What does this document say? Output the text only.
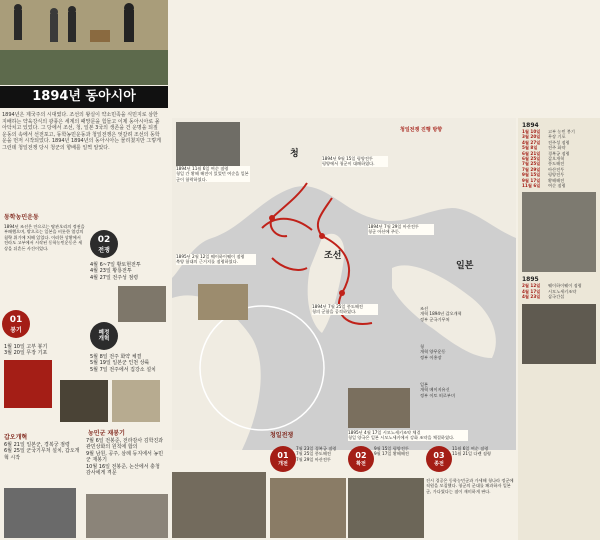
1894년 동아시아
1894년은 제국주의 시대였다. 조선의 왕실이 약소민족을 식민지로 삼한 지배하는 약육강식의 광풍은 세계의 패망문을 힘들고 이제 동아시아로 몰아닥치고 있었다. 그 당에서 조선, 청, 일본 3국의 생존을 건 운명을 되짚 운동의 속에서 선전포고, 동학농민운동과 청일전쟁은 엇갈려 조선의 동학운을 먼저 시작되었다. 1894년 1894년의 동아시아는 물리쳤지만 그렇게 그런데 청일전쟁 당시 청군의 향배를 일찍 알았다.
동학농민운동
1894년 조선은 안으로는 탐관오리의 정권을 부패했으며, 밖으로는 일본을 비롯한 열강의 침략 위기에 처해 있었다. 이러한 상황에서 전라도 고부에서 시작된 동학농민운동은 세상을 뒤흔든 사건이었다.
01
봉기
1월 10일 고부 봉기
3월 20일 무장 기포
02
전쟁
4월 6~7일 황토현전투
4월 23일 황룡전투
4월 27일 전주성 점령
폐정
개혁
5월 8일 전주 화약 체결
5월 19일 일본군 인천 상륙
5월 7일 전주에서 집강소 설치
갑오개혁
6월 21일 일본군, 경복궁 점령
6월 25일 군국기무처 설치, 갑오개혁 시작
농민군 재봉기
7월 6일 전봉준, 전라감사 김학진과 관민상화의 원칙에 합의
9월 남원, 공주, 삼례 등지에서 농민군 재봉기
10월 16일 전봉준, 논산에서 충청감사에게 격문
청일전쟁 진행 방향
청
조선
일본
1894년 11월 6일 여순 점령
청일 간 황해 해전이 있었던 여순을 일본군이 함락하였다.
1894년 9월 15일 평양전투
평양에서 청군이 대패하였다.
1894년 7월 29일 아산전투
청군 아산에 주둔.
1895년 2월 12일 웨이하이웨이 점령
북양 함대의 근거지를 점령하였다.
1894년 7월 25일 풍도해전
청의 군함을 공격하였다.
1895년 4월 17일 시모노세키조약 체결
청일 양국은 일본 시모노세키에서 강화 조약을 체결하였다.
조선
개혁 1894년 갑오개혁
정부 군국기무처
청
개혁 양무운동
정부 이홍장
일본
개혁 메이지유신
정부 이토 히로부미
1894
1월 10일	고부 농민 봉기
3월 20일	무장 기포
4월 27일	전주성 점령
5월 8일	전주 화약
6월 21일	경복궁 점령
6월 25일	갑오개혁
7월 25일	풍도해전
7월 29일	아산전투
9월 15일	평양전투
9월 17일	황해해전
11월 6일	여순 점령
1895
2월 12일	웨이하이웨이 점령
4월 17일	시모노세키조약
4월 23일	삼국간섭
청일전쟁
01
개전
7월 23일 경복궁 점령
7월 25일 풍도해전
7월 29일 아산전투	02
확전
9월 15일 평양전투
9월 17일 황해해전	03
종전
11월 6일 여순 점령
11월 21일 다롄 점령
진시 경공은 동학농민군과 가세해 청나라 정군에 직원을 모집했다. 청군의 군대를 패과하자 일본군, 가다였다는 점이 재미하게 판다.
